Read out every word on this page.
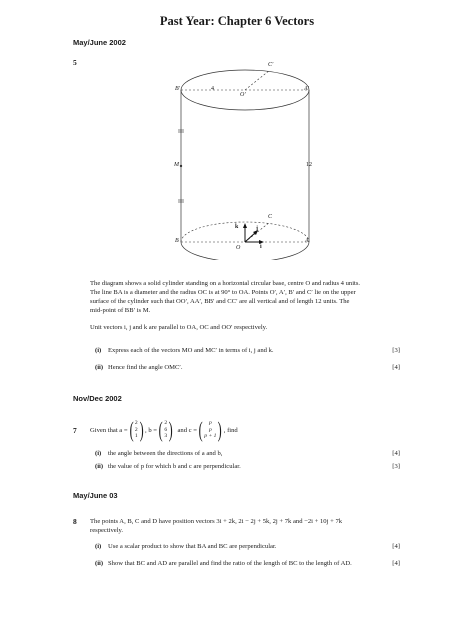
Past Year: Chapter 6 Vectors
May/June 2002
5
B′	4
O′
C′
A′
M	12
C
k	j
B
O	i
A
The diagram shows a solid cylinder standing on a horizontal circular base, centre O and radius 4 units.
The line BA is a diameter and the radius OC is at 90° to OA. Points O′, A′, B′ and C′ lie on the upper
surface of the cylinder such that OO′, AA′, BB′ and CC′ are all vertical and of length 12 units. The
mid-point of BB′ is M.
Unit vectors i, j and k are parallel to OA, OC and OO′ respectively.
(i) Express each of the vectors MO and MC′ in terms of i, j and k.	[3]
(ii) Hence find the angle OMC′.	[4]
Nov/Dec 2002
7 Given that a = ( 2
2
1 ) , b = ( 2
6
3 ) and c = (	p
p
p + 1 ) , find
(i) the angle between the directions of a and b,	[4]
(ii) the value of p for which b and c are perpendicular.	[3]
May/June 03
8 The points A, B, C and D have position vectors 3i + 2k, 2i − 2j + 5k, 2j + 7k and −2i + 10j + 7k
respectively.
(i) Use a scalar product to show that BA and BC are perpendicular.	[4]
(ii) Show that BC and AD are parallel and find the ratio of the length of BC to the length of AD.	[4]
